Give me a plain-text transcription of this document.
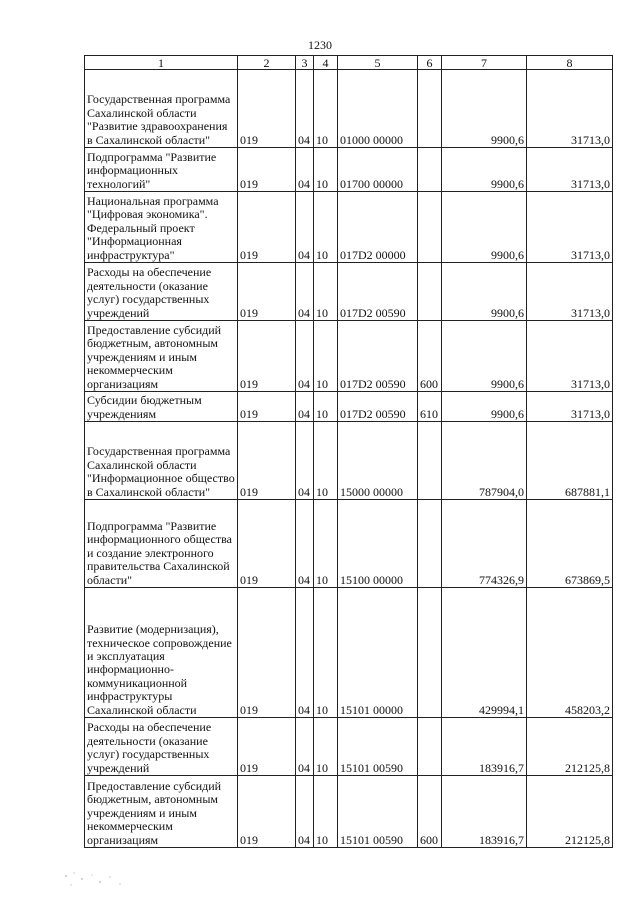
1230
1	2	3	4	5	6	7	8
Государственная программа Сахалинской области "Развитие здравоохранения в Сахалинской области"	019	04	10	01000 00000		9900,6	31713,0
Подпрограмма "Развитие информационных технологий"	019	04	10	01700 00000		9900,6	31713,0
Национальная программа "Цифровая экономика". Федеральный проект "Информационная инфраструктура"	019	04	10	017D2 00000		9900,6	31713,0
Расходы на обеспечение деятельности (оказание услуг) государственных учреждений	019	04	10	017D2 00590		9900,6	31713,0
Предоставление субсидий бюджетным, автономным учреждениям и иным некоммерческим организациям	019	04	10	017D2 00590	600	9900,6	31713,0
Субсидии бюджетным учреждениям	019	04	10	017D2 00590	610	9900,6	31713,0
Государственная программа Сахалинской области "Информационное общество в Сахалинской области"	019	04	10	15000 00000		787904,0	687881,1
Подпрограмма "Развитие информационного общества и создание электронного правительства Сахалинской области"	019	04	10	15100 00000		774326,9	673869,5
Развитие (модернизация), техническое сопровождение и эксплуатация информационно-коммуникационной инфраструктуры Сахалинской области	019	04	10	15101 00000		429994,1	458203,2
Расходы на обеспечение деятельности (оказание услуг) государственных учреждений	019	04	10	15101 00590		183916,7	212125,8
Предоставление субсидий бюджетным, автономным учреждениям и иным некоммерческим организациям	019	04	10	15101 00590	600	183916,7	212125,8
